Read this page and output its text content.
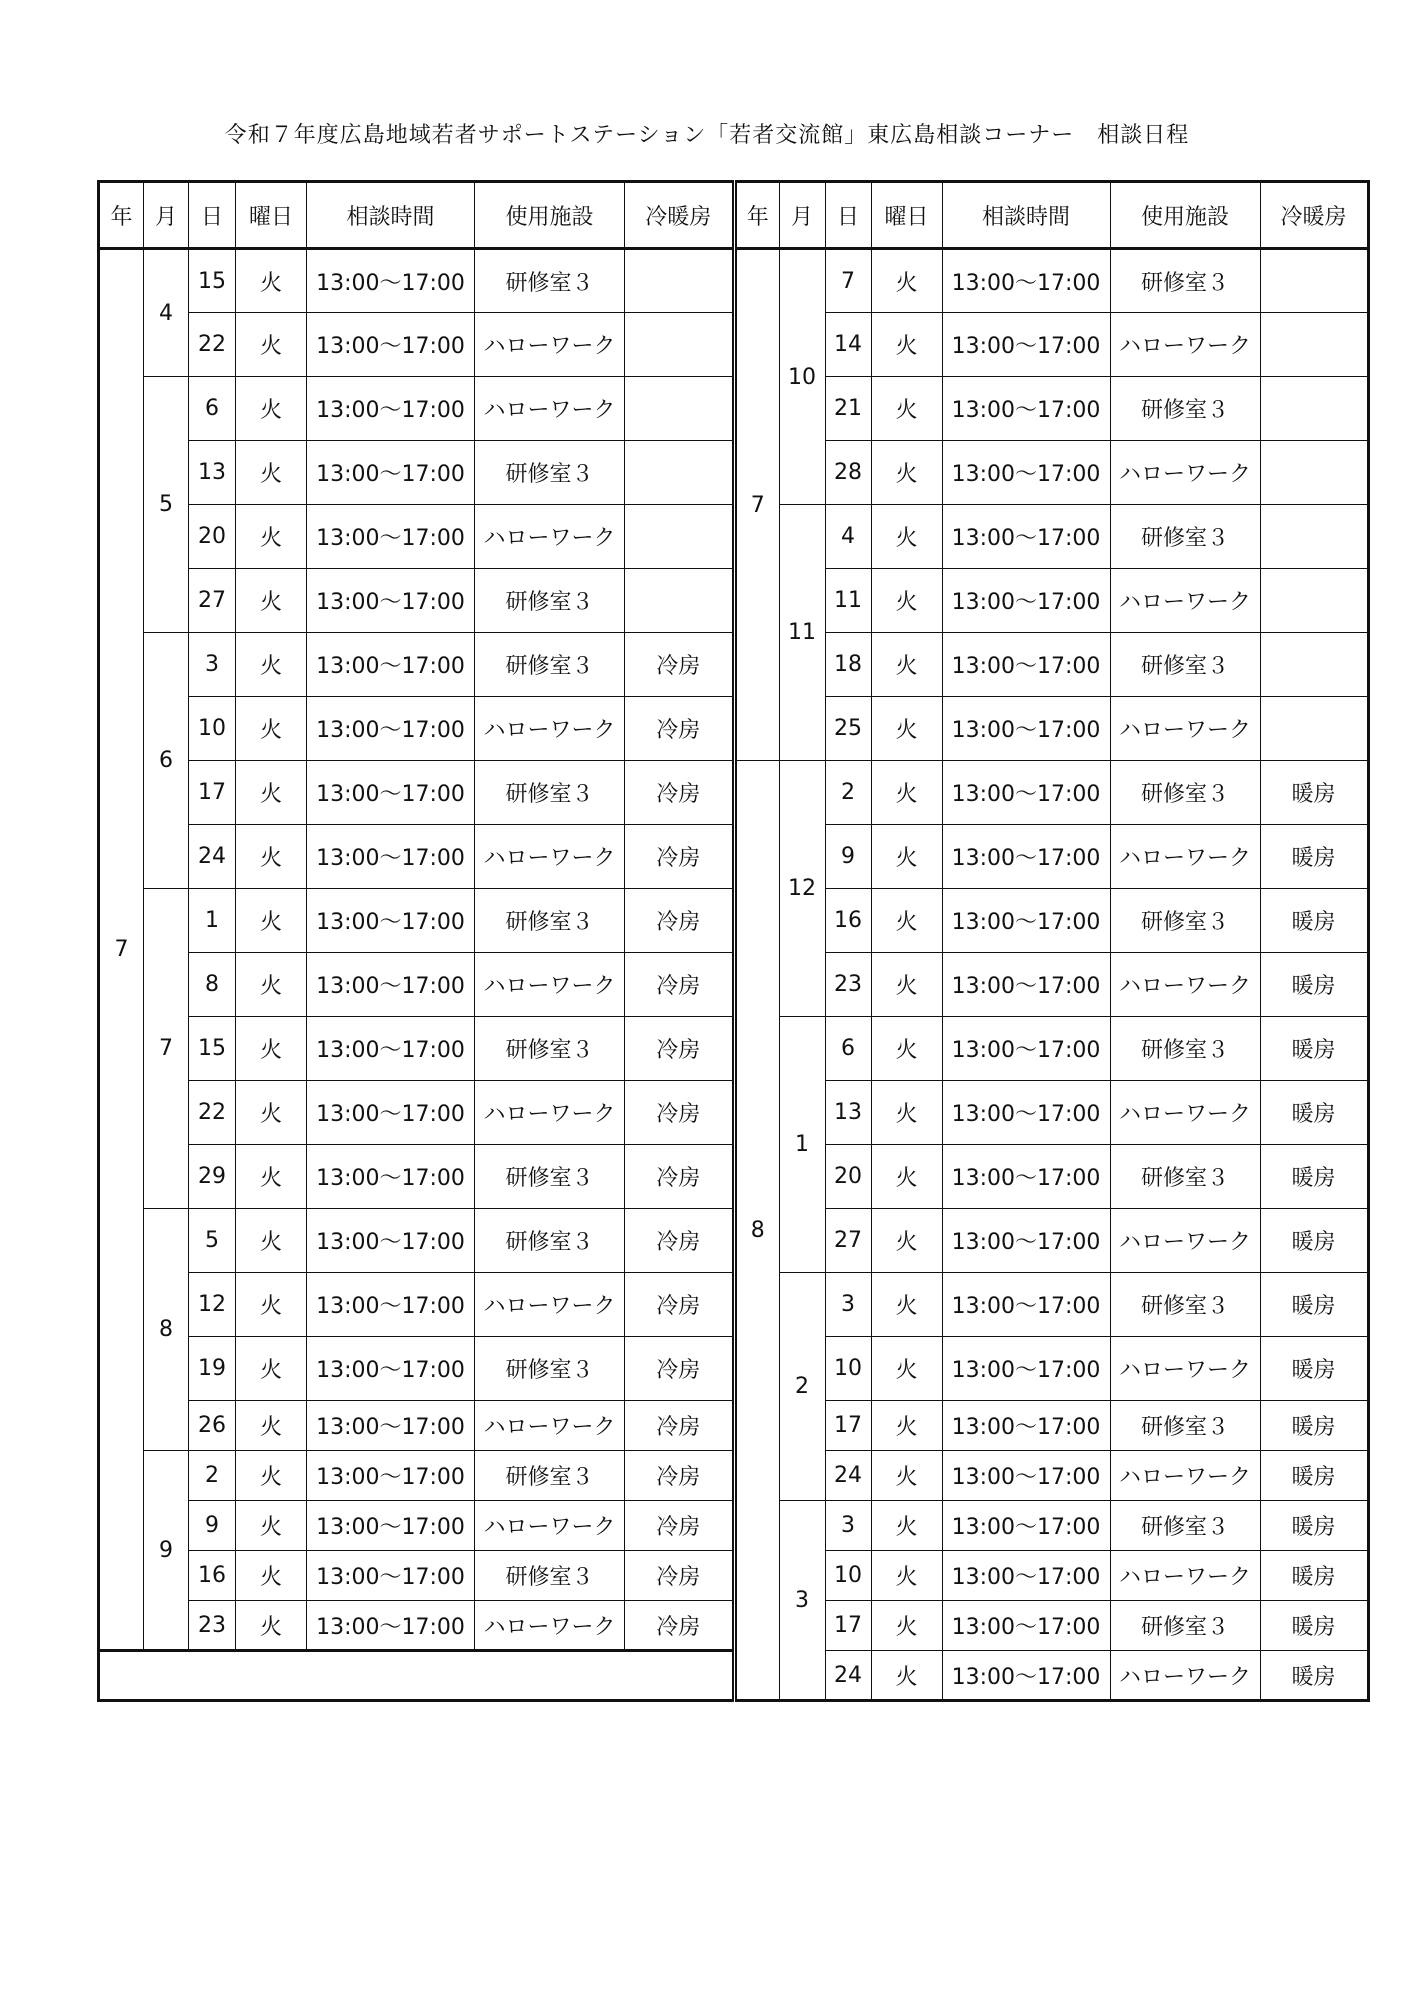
令和７年度広島地域若者サポートステーション「若者交流館」東広島相談コーナー　相談日程
年	月	日	曜日	相談時間	使用施設	冷暖房
7	4	15	火	13:00～17:00	研修室３	
		22	火	13:00～17:00	ハローワーク	
	5	6	火	13:00～17:00	ハローワーク	
		13	火	13:00～17:00	研修室３	
		20	火	13:00～17:00	ハローワーク	
		27	火	13:00～17:00	研修室３	
	6	3	火	13:00～17:00	研修室３	冷房
		10	火	13:00～17:00	ハローワーク	冷房
		17	火	13:00～17:00	研修室３	冷房
		24	火	13:00～17:00	ハローワーク	冷房
	7	1	火	13:00～17:00	研修室３	冷房
		8	火	13:00～17:00	ハローワーク	冷房
		15	火	13:00～17:00	研修室３	冷房
		22	火	13:00～17:00	ハローワーク	冷房
		29	火	13:00～17:00	研修室３	冷房
	8	5	火	13:00～17:00	研修室３	冷房
		12	火	13:00～17:00	ハローワーク	冷房
		19	火	13:00～17:00	研修室３	冷房
		26	火	13:00～17:00	ハローワーク	冷房
	9	2	火	13:00～17:00	研修室３	冷房
		9	火	13:00～17:00	ハローワーク	冷房
		16	火	13:00～17:00	研修室３	冷房
		23	火	13:00～17:00	ハローワーク	冷房

年	月	日	曜日	相談時間	使用施設	冷暖房
7	10	7	火	13:00～17:00	研修室３	
		14	火	13:00～17:00	ハローワーク	
		21	火	13:00～17:00	研修室３	
		28	火	13:00～17:00	ハローワーク	
	11	4	火	13:00～17:00	研修室３	
		11	火	13:00～17:00	ハローワーク	
		18	火	13:00～17:00	研修室３	
		25	火	13:00～17:00	ハローワーク	
8	12	2	火	13:00～17:00	研修室３	暖房
		9	火	13:00～17:00	ハローワーク	暖房
		16	火	13:00～17:00	研修室３	暖房
		23	火	13:00～17:00	ハローワーク	暖房
	1	6	火	13:00～17:00	研修室３	暖房
		13	火	13:00～17:00	ハローワーク	暖房
		20	火	13:00～17:00	研修室３	暖房
		27	火	13:00～17:00	ハローワーク	暖房
	2	3	火	13:00～17:00	研修室３	暖房
		10	火	13:00～17:00	ハローワーク	暖房
		17	火	13:00～17:00	研修室３	暖房
		24	火	13:00～17:00	ハローワーク	暖房
	3	3	火	13:00～17:00	研修室３	暖房
		10	火	13:00～17:00	ハローワーク	暖房
		17	火	13:00～17:00	研修室３	暖房
		24	火	13:00～17:00	ハローワーク	暖房
